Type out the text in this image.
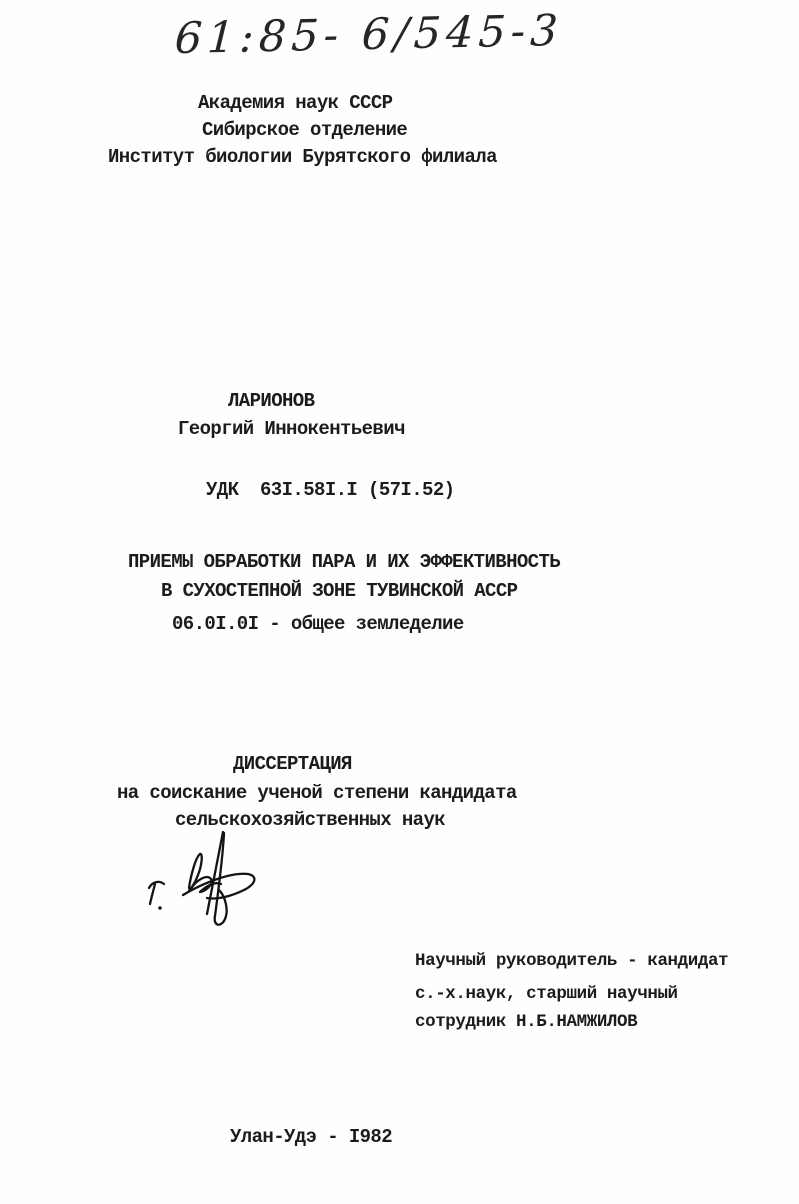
61:85- 6/545-3
Академия наук СССР
Сибирское отделение
Институт биологии Бурятского филиала
ЛАРИОНОВ
Георгий Иннокентьевич
УДК  63I.58I.I (57I.52)
ПРИЕМЫ ОБРАБОТКИ ПАРА И ИХ ЭФФЕКТИВНОСТЬ
В СУХОСТЕПНОЙ ЗОНЕ ТУВИНСКОЙ АССР
06.0I.0I - общее земледелие
ДИССЕРТАЦИЯ
на соискание ученой степени кандидата
сельскохозяйственных наук
Научный руководитель - кандидат
с.-х.наук, старший научный
сотрудник Н.Б.НАМЖИЛОВ
Улан-Удэ - I982
